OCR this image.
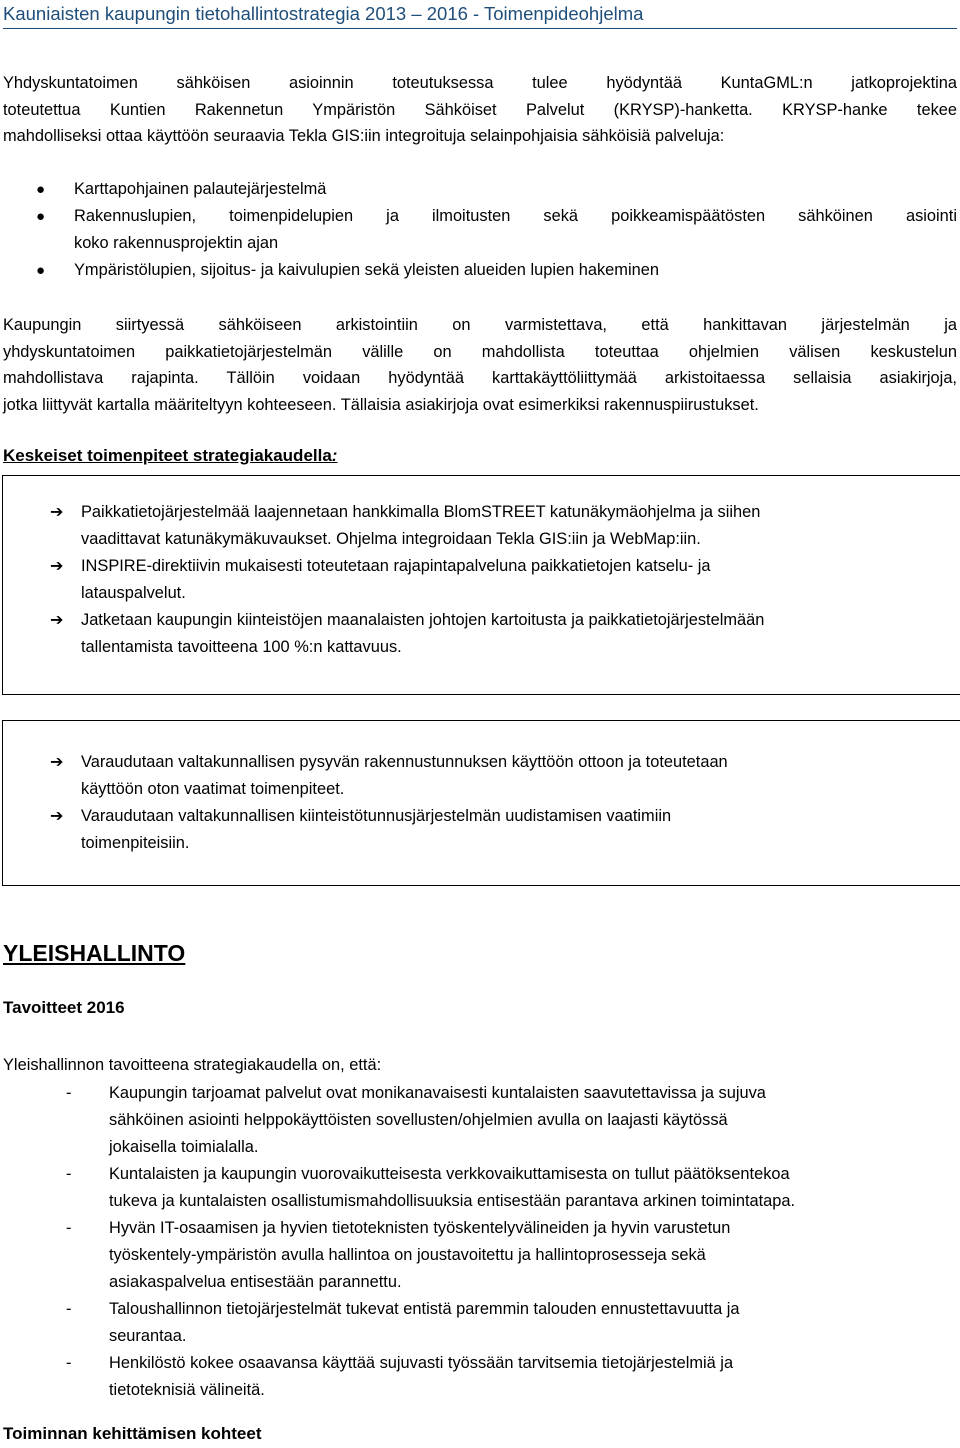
Kauniaisten kaupungin tietohallintostrategia 2013 – 2016 - Toimenpideohjelma
Yhdyskuntatoimen sähköisen asioinnin toteutuksessa tulee hyödyntää KuntaGML:n jatkoprojektina
toteutettua Kuntien Rakennetun Ympäristön Sähköiset Palvelut (KRYSP)-hanketta. KRYSP-hanke tekee
mahdolliseksi ottaa käyttöön seuraavia Tekla GIS:iin integroituja selainpohjaisia sähköisiä palveluja:
● Karttapohjainen palautejärjestelmä
● Rakennuslupien, toimenpidelupien ja ilmoitusten sekä poikkeamispäätösten sähköinen asiointi
koko rakennusprojektin ajan
● Ympäristölupien, sijoitus- ja kaivulupien sekä yleisten alueiden lupien hakeminen
Kaupungin siirtyessä sähköiseen arkistointiin on varmistettava, että hankittavan järjestelmän ja
yhdyskuntatoimen paikkatietojärjestelmän välille on mahdollista toteuttaa ohjelmien välisen keskustelun
mahdollistava rajapinta. Tällöin voidaan hyödyntää karttakäyttöliittymää arkistoitaessa sellaisia asiakirjoja,
jotka liittyvät kartalla määriteltyyn kohteeseen. Tällaisia asiakirjoja ovat esimerkiksi rakennuspiirustukset.
Keskeiset toimenpiteet strategiakaudella:
➔ Paikkatietojärjestelmää laajennetaan hankkimalla BlomSTREET katunäkymäohjelma ja siihen
vaadittavat katunäkymäkuvaukset. Ohjelma integroidaan Tekla GIS:iin ja WebMap:iin.
➔ INSPIRE-direktiivin mukaisesti toteutetaan rajapintapalveluna paikkatietojen katselu- ja
latauspalvelut.
➔ Jatketaan kaupungin kiinteistöjen maanalaisten johtojen kartoitusta ja paikkatietojärjestelmään
tallentamista tavoitteena 100 %:n kattavuus.
➔ Varaudutaan valtakunnallisen pysyvän rakennustunnuksen käyttöön ottoon ja toteutetaan
käyttöön oton vaatimat toimenpiteet.
➔ Varaudutaan valtakunnallisen kiinteistötunnusjärjestelmän uudistamisen vaatimiin
toimenpiteisiin.
YLEISHALLINTO
Tavoitteet 2016
Yleishallinnon tavoitteena strategiakaudella on, että:
- Kaupungin tarjoamat palvelut ovat monikanavaisesti kuntalaisten saavutettavissa ja sujuva
sähköinen asiointi helppokäyttöisten sovellusten/ohjelmien avulla on laajasti käytössä
jokaisella toimialalla.
- Kuntalaisten ja kaupungin vuorovaikutteisesta verkkovaikuttamisesta on tullut päätöksentekoa
tukeva ja kuntalaisten osallistumismahdollisuuksia entisestään parantava arkinen toimintatapa.
- Hyvän IT-osaamisen ja hyvien tietoteknisten työskentelyvälineiden ja hyvin varustetun
työskentely-ympäristön avulla hallintoa on joustavoitettu ja hallintoprosesseja sekä
asiakaspalvelua entisestään parannettu.
- Taloushallinnon tietojärjestelmät tukevat entistä paremmin talouden ennustettavuutta ja
seurantaa.
- Henkilöstö kokee osaavansa käyttää sujuvasti työssään tarvitsemia tietojärjestelmiä ja
tietoteknisiä välineitä.
Toiminnan kehittämisen kohteet
